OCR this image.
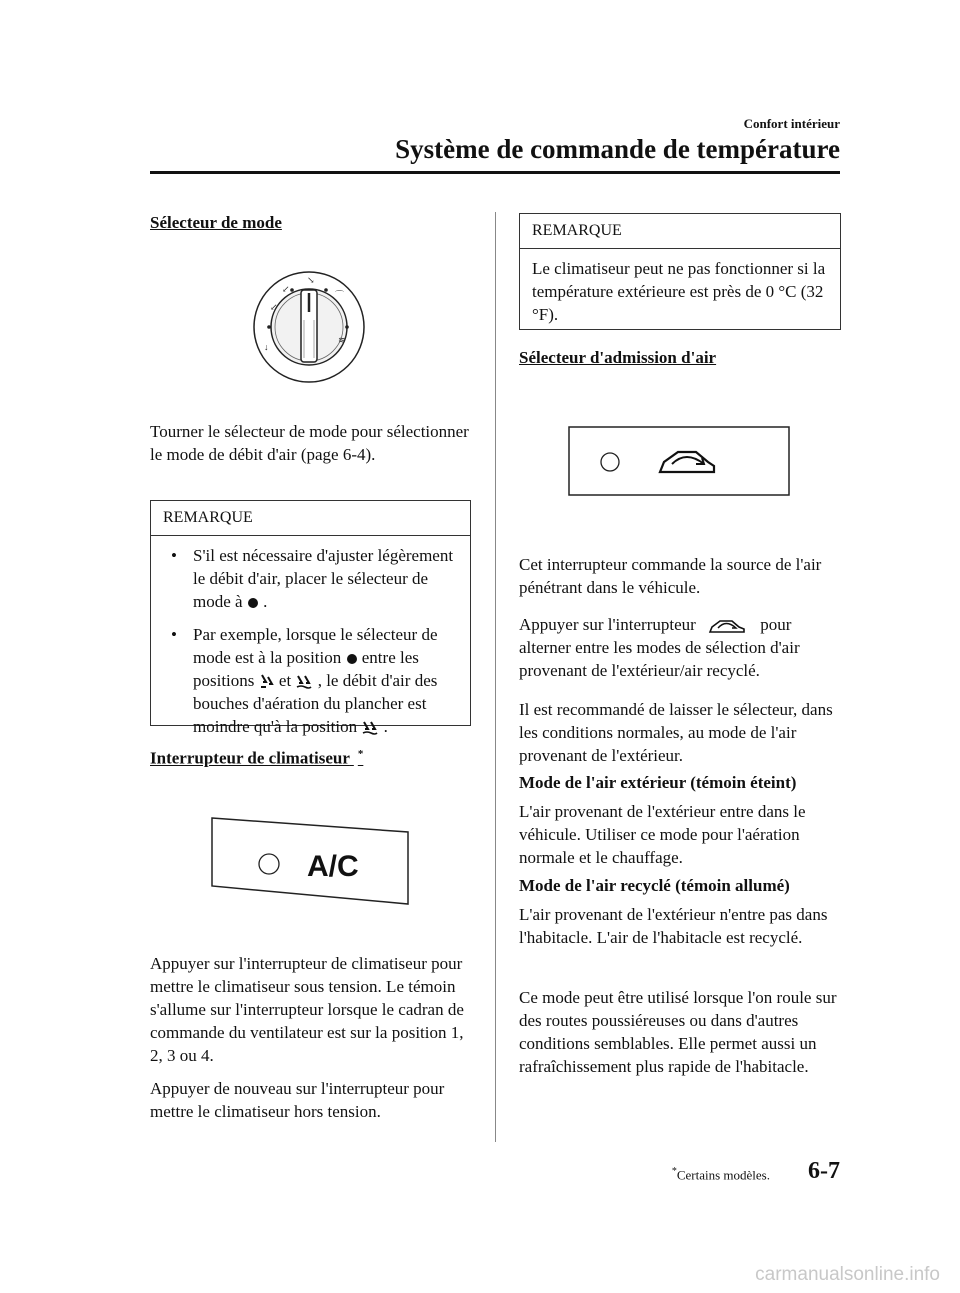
Confort intérieur
Système de commande de température
Sélecteur de mode
↙
↘
⌒
≋
↓
↙
Tourner le sélecteur de mode pour sélectionner le mode de débit d'air (page 6-4).
REMARQUE
• S'il est nécessaire d'ajuster légèrement le débit d'air, placer le sélecteur de mode à .
• Par exemple, lorsque le sélecteur de mode est à la position entre les positions et , le débit d'air des bouches d'aération du plancher est moindre qu'à la position .
Interrupteur de climatiseur *
A/C
Appuyer sur l'interrupteur de climatiseur pour mettre le climatiseur sous tension. Le témoin s'allume sur l'interrupteur lorsque le cadran de commande du ventilateur est sur la position 1, 2, 3 ou 4.
Appuyer de nouveau sur l'interrupteur pour mettre le climatiseur hors tension.
REMARQUE
Le climatiseur peut ne pas fonctionner si la température extérieure est près de 0 °C (32 °F).
Sélecteur d'admission d'air
Cet interrupteur commande la source de l'air pénétrant dans le véhicule.
Appuyer sur l'interrupteur	pour alterner entre les modes de sélection d'air provenant de l'extérieur/air recyclé.
Il est recommandé de laisser le sélecteur, dans les conditions normales, au mode de l'air provenant de l'extérieur.
Mode de l'air extérieur (témoin éteint)
L'air provenant de l'extérieur entre dans le véhicule. Utiliser ce mode pour l'aération normale et le chauffage.
Mode de l'air recyclé (témoin allumé)
L'air provenant de l'extérieur n'entre pas dans l'habitacle. L'air de l'habitacle est recyclé.
Ce mode peut être utilisé lorsque l'on roule sur des routes poussiéreuses ou dans d'autres conditions semblables. Elle permet aussi un rafraîchissement plus rapide de l'habitacle.
*Certains modèles. 6-7
carmanualsonline.info
